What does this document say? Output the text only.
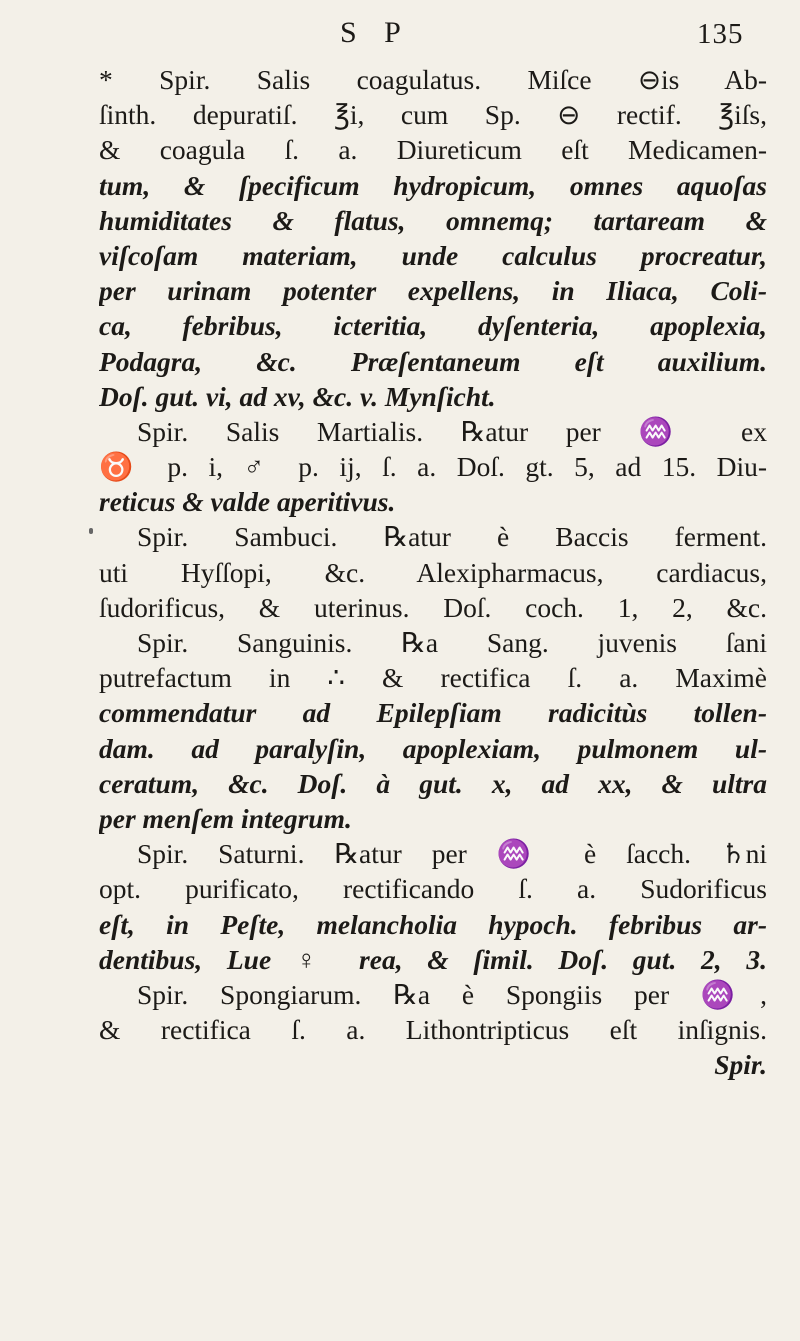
S P	135
* Spir. Salis coagulatus. Miſce ⊖is Ab-
ſinth. depuratiſ. ℥i, cum Sp. ⊖ rectif. ℥iſs,
& coagula ſ. a. Diureticum eſt Medicamen-
tum, & ſpecificum hydropicum, omnes aquoſas
humiditates & flatus, omnemq; tartaream &
viſcoſam materiam, unde calculus procreatur,
per urinam potenter expellens, in Iliaca, Coli-
ca, febribus, icteritia, dyſenteria, apoplexia,
Podagra, &c. Præſentaneum eſt auxilium.
Doſ. gut. vi, ad xv, &c. v. Mynſicht.
Spir. Salis Martialis. ℞atur per ♒ ex
♉ p. i, ♂ p. ij, ſ. a. Doſ. gt. 5, ad 15. Diu-
reticus & valde aperitivus.
Spir. Sambuci. ℞atur è Baccis ferment.
uti Hyſſopi, &c. Alexipharmacus, cardiacus,
ſudorificus, & uterinus. Doſ. coch. 1, 2, &c.
Spir. Sanguinis. ℞a Sang. juvenis ſani
putrefactum in ∴ & rectifica ſ. a. Maximè
commendatur ad Epilepſiam radicitùs tollen-
dam. ad paralyſin, apoplexiam, pulmonem ul-
ceratum, &c. Doſ. à gut. x, ad xx, & ultra
per menſem integrum.
Spir. Saturni. ℞atur per ♒ è ſacch. ♄ni
opt. purificato, rectificando ſ. a. Sudorificus
eſt, in Peſte, melancholia hypoch. febribus ar-
dentibus, Lue ♀ rea, & ſimil. Doſ. gut. 2, 3.
Spir. Spongiarum. ℞a è Spongiis per ♒,
& rectifica ſ. a. Lithontripticus eſt inſignis.
Spir.
